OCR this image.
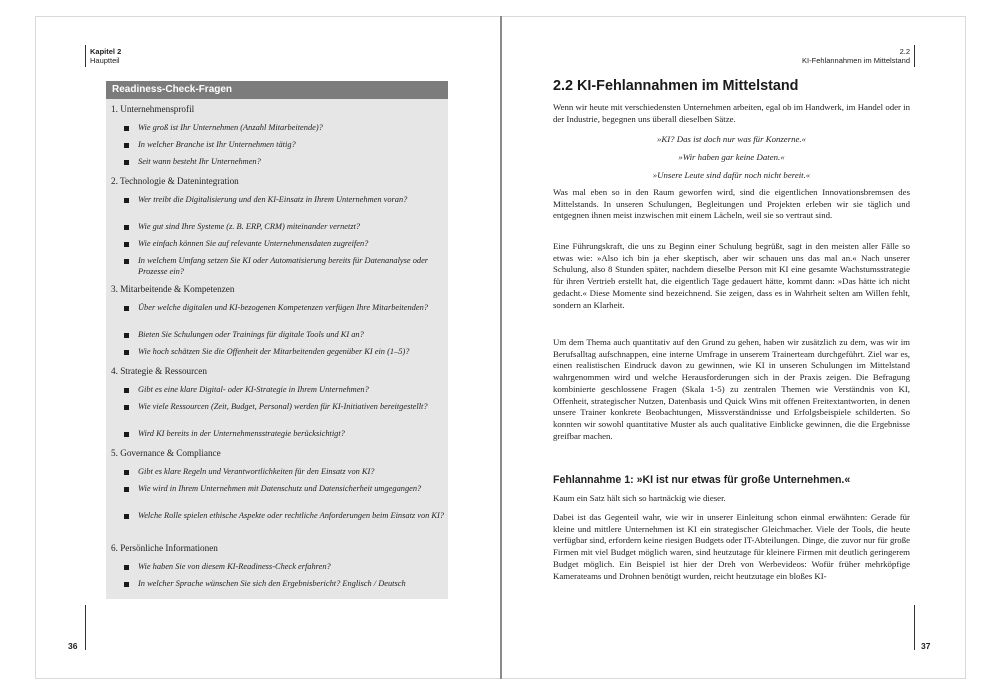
Kapitel 2
Hauptteil
Readiness-Check-Fragen
1. Unternehmensprofil
Wie groß ist Ihr Unternehmen (Anzahl Mitarbeitende)?
In welcher Branche ist Ihr Unternehmen tätig?
Seit wann besteht Ihr Unternehmen?
2. Technologie & Datenintegration
Wer treibt die Digitalisierung und den KI-Einsatz in Ihrem Unternehmen voran?
Wie gut sind Ihre Systeme (z. B. ERP, CRM) miteinander vernetzt?
Wie einfach können Sie auf relevante Unternehmensdaten zugreifen?
In welchem Umfang setzen Sie KI oder Automatisierung bereits für Datenanalyse oder Prozesse ein?
3. Mitarbeitende & Kompetenzen
Über welche digitalen und KI-bezogenen Kompetenzen verfügen Ihre Mitarbeitenden?
Bieten Sie Schulungen oder Trainings für digitale Tools und KI an?
Wie hoch schätzen Sie die Offenheit der Mitarbeitenden gegenüber KI ein (1–5)?
4. Strategie & Ressourcen
Gibt es eine klare Digital- oder KI-Strategie in Ihrem Unternehmen?
Wie viele Ressourcen (Zeit, Budget, Personal) werden für KI-Initiativen bereitgestellt?
Wird KI bereits in der Unternehmensstrategie berücksichtigt?
5. Governance & Compliance
Gibt es klare Regeln und Verantwortlichkeiten für den Einsatz von KI?
Wie wird in Ihrem Unternehmen mit Datenschutz und Datensicherheit umgegangen?
Welche Rolle spielen ethische Aspekte oder rechtliche Anforderungen beim Einsatz von KI?
6. Persönliche Informationen
Wie haben Sie von diesem KI-Readiness-Check erfahren?
In welcher Sprache wünschen Sie sich den Ergebnisbericht? Englisch / Deutsch
36
2.2
KI-Fehlannahmen im Mittelstand
2.2 KI-Fehlannahmen im Mittelstand
Wenn wir heute mit verschiedensten Unternehmen arbeiten, egal ob im Handwerk, im Handel oder in der Industrie, begegnen uns überall dieselben Sätze.
»KI? Das ist doch nur was für Konzerne.«
»Wir haben gar keine Daten.«
»Unsere Leute sind dafür noch nicht bereit.«
Was mal eben so in den Raum geworfen wird, sind die eigentlichen Innovationsbremsen des Mittelstands. In unseren Schulungen, Begleitungen und Projekten erleben wir sie täglich und entgegnen ihnen meist inzwischen mit einem Lächeln, weil sie so vertraut sind.
Eine Führungskraft, die uns zu Beginn einer Schulung begrüßt, sagt in den meisten aller Fälle so etwas wie: »Also ich bin ja eher skeptisch, aber wir schauen uns das mal an.« Nach unserer Schulung, also 8 Stunden später, nachdem dieselbe Person mit KI eine gesamte Wachstumsstrategie für ihren Vertrieb erstellt hat, die eigentlich Tage gedauert hätte, kommt dann: »Das hätte ich nicht gedacht.« Diese Momente sind bezeichnend. Sie zeigen, dass es in Wahrheit selten am Willen fehlt, sondern an Klarheit.
Um dem Thema auch quantitativ auf den Grund zu gehen, haben wir zusätzlich zu dem, was wir im Berufsalltag aufschnappen, eine interne Umfrage in unserem Trainerteam durchgeführt. Ziel war es, einen realistischen Eindruck davon zu gewinnen, wie KI in unseren Schulungen im Mittelstand wahrgenommen wird und welche Herausforderungen sich in der Praxis zeigen. Die Befragung kombinierte geschlossene Fragen (Skala 1-5) zu zentralen Themen wie Verständnis von KI, Offenheit, strategischer Nutzen, Datenbasis und Quick Wins mit offenen Freitextantworten, in denen unsere Trainer konkrete Beobachtungen, Missverständnisse und Erfolgsbeispiele schilderten. So konnten wir sowohl quantitative Muster als auch qualitative Einblicke gewinnen, die die Ergebnisse greifbar machen.
Fehlannahme 1: »KI ist nur etwas für große Unternehmen.«
Kaum ein Satz hält sich so hartnäckig wie dieser.
Dabei ist das Gegenteil wahr, wie wir in unserer Einleitung schon einmal erwähnten: Gerade für kleine und mittlere Unternehmen ist KI ein strategischer Gleichmacher. Viele der Tools, die heute verfügbar sind, erfordern keine riesigen Budgets oder IT-Abteilungen. Dinge, die zuvor nur für große Firmen mit viel Budget möglich waren, sind heutzutage für kleinere Firmen mit deutlich geringerem Budget möglich. Ein Beispiel ist hier der Dreh von Werbevideos: Wofür früher mehrköpfige Kamerateams und Drohnen benötigt wurden, reicht heutzutage ein bloßes KI-
37
